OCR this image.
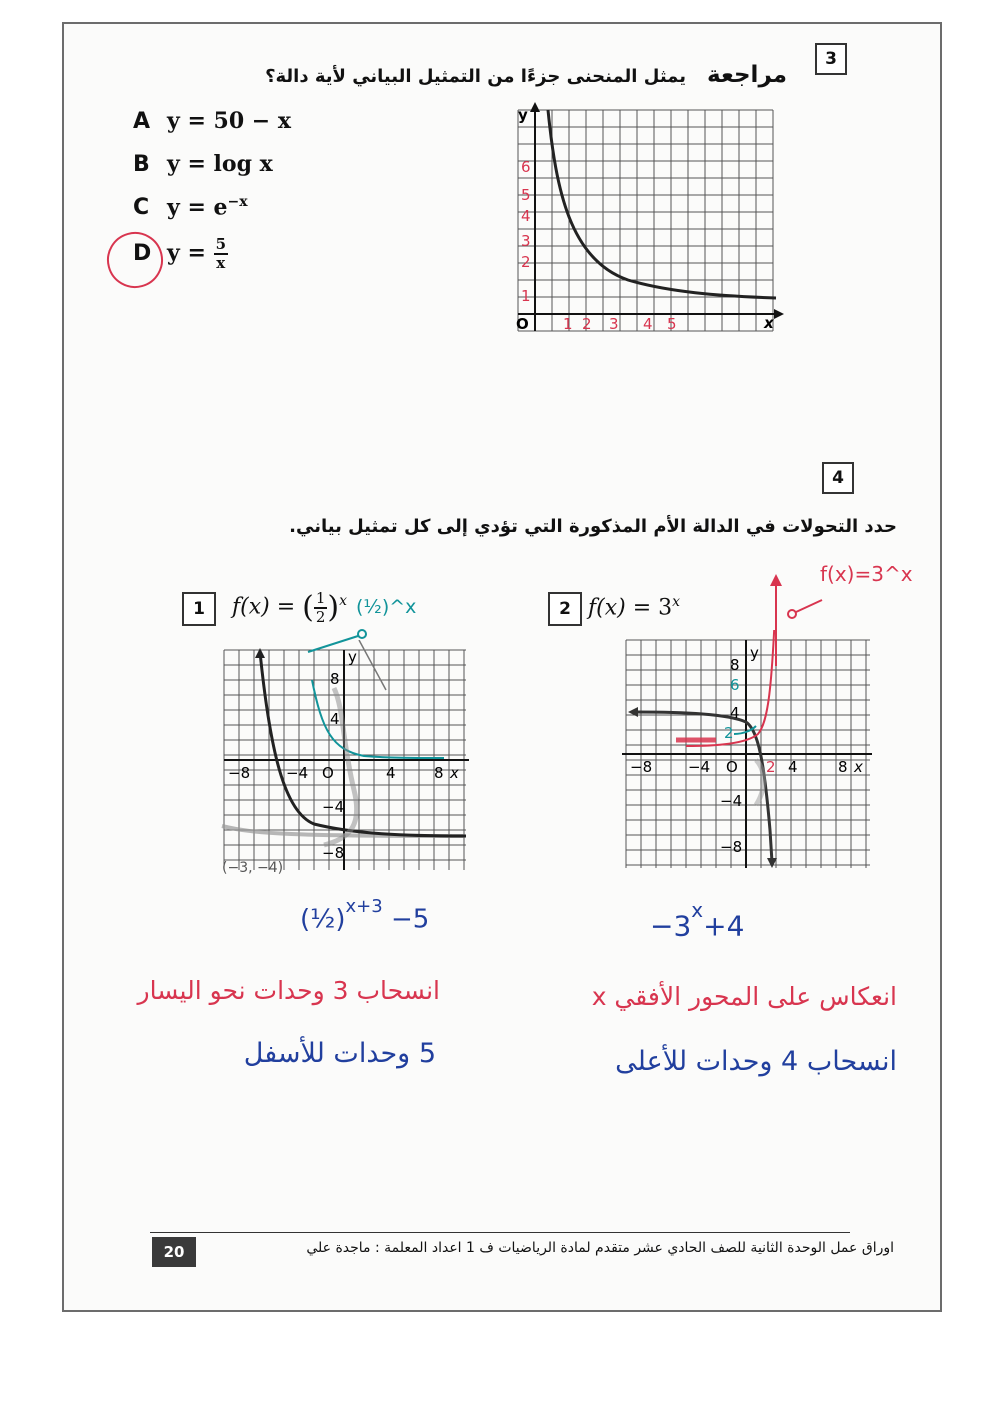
3
مراجعة
يمثل المنحنى جزءًا من التمثيل البياني لأية دالة؟
A y = 50 − x
B y = log x
C $y = e^{-x}$
D $y = \frac{5}{x}$
y
x
O
1
2
3
4
5
6
1 2 3 4 5
4
حدد التحولات في الدالة الأم المذكورة التي تؤدي إلى كل تمثيل بياني.
1	f(x) = ( $\frac{1}{2} )^x$
y
x
O
−8 −4	4	8
8
4
−4
−8
(−3, −4)
(½)^x
(½)$^{x+3}$ −5
انسحاب 3 وحدات نحو اليسار
5 وحدات للأسفل
2 $f(x) = 3^x$
y
x
O
−8 −4	2 4	8
8
6
4
2
−4
−8
f(x)=3^x
$-3^x+4$
انعكاس على المحور الأفقي x
انسحاب 4 وحدات للأعلى
اوراق عمل الوحدة الثانية للصف الحادي عشر متقدم لمادة الرياضيات ف 1 اعداد المعلمة : ماجدة علي
20
